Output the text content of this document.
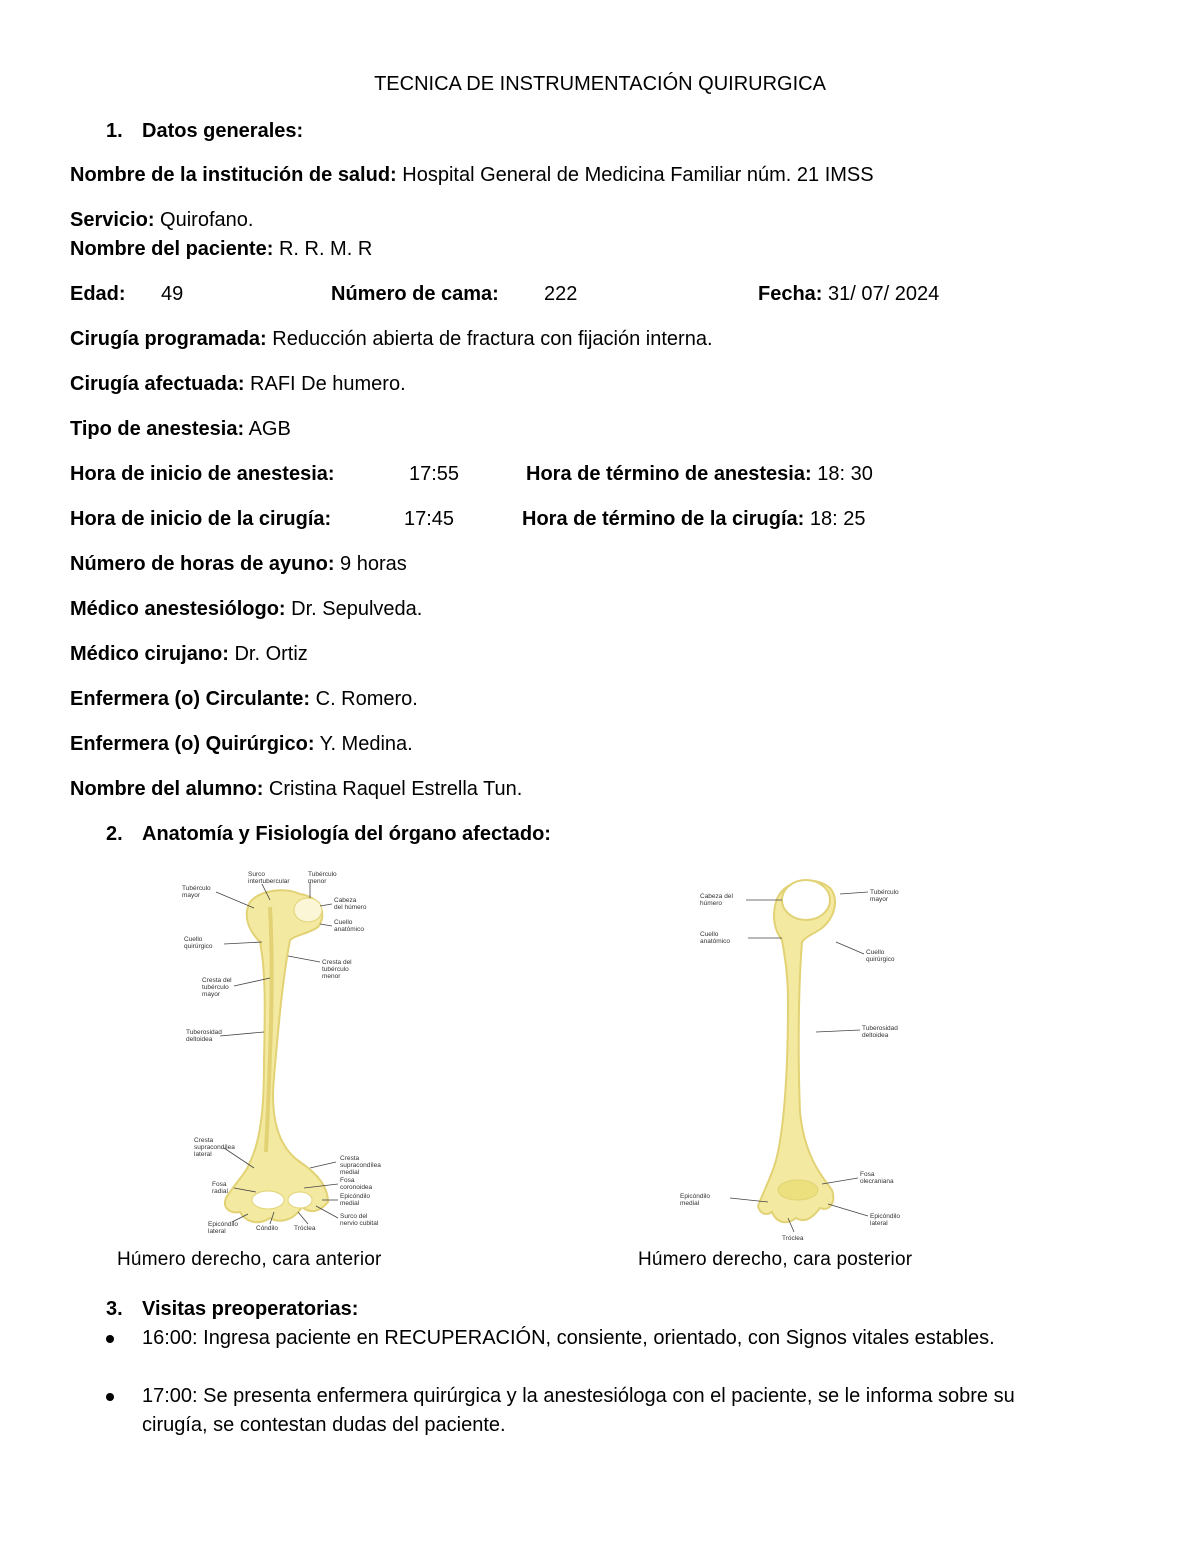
TECNICA DE INSTRUMENTACIÓN QUIRURGICA
1. Datos generales:
Nombre de la institución de salud: Hospital General de Medicina Familiar núm. 21 IMSS
Servicio: Quirofano.
Nombre del paciente: R. R. M. R
Edad: 49	Número de cama: 222	Fecha: 31/ 07/ 2024
Cirugía programada: Reducción abierta de fractura con fijación interna.
Cirugía afectuada: RAFI De humero.
Tipo de anestesia: AGB
Hora de inicio de anestesia:	17:55	Hora de término de anestesia: 18: 30
Hora de inicio de la cirugía:	17:45	Hora de término de la cirugía: 18: 25
Número de horas de ayuno: 9 horas
Médico anestesiólogo: Dr. Sepulveda.
Médico cirujano: Dr. Ortiz
Enfermera (o) Circulante: C. Romero.
Enfermera (o) Quirúrgico: Y. Medina.
Nombre del alumno: Cristina Raquel Estrella Tun.
2. Anatomía y Fisiología del órgano afectado:
Surco
intertubercular
Tubérculo
menor
Tubérculo
mayor
Cabeza
del húmero
Cuello
anatómico
Cuello
quirúrgico
Cresta del
tubérculo
menor
Cresta del
tubérculo
mayor
Tuberosidad
deltoidea
Cresta
supracondílea
lateral
Cresta
supracondílea
medial
Fosa
radial
Fosa
coronoidea
Epicóndilo
medial
Epicóndilo
lateral	Cóndilo Tróclea
Surco del
nervio cubital
Húmero derecho, cara anterior
Cabeza del
húmero
Tubérculo
mayor
Cuello
anatómico
Cuello
quirúrgico
Tuberosidad
deltoidea
Fosa
olecraniana
Epicóndilo
medial
Epicóndilo
lateral
Tróclea
Húmero derecho, cara posterior
3. Visitas preoperatorias:
16:00: Ingresa paciente en RECUPERACIÓN, consiente, orientado, con Signos vitales estables.
17:00: Se presenta enfermera quirúrgica y la anestesióloga con el paciente, se le informa sobre su cirugía, se contestan dudas del paciente.
